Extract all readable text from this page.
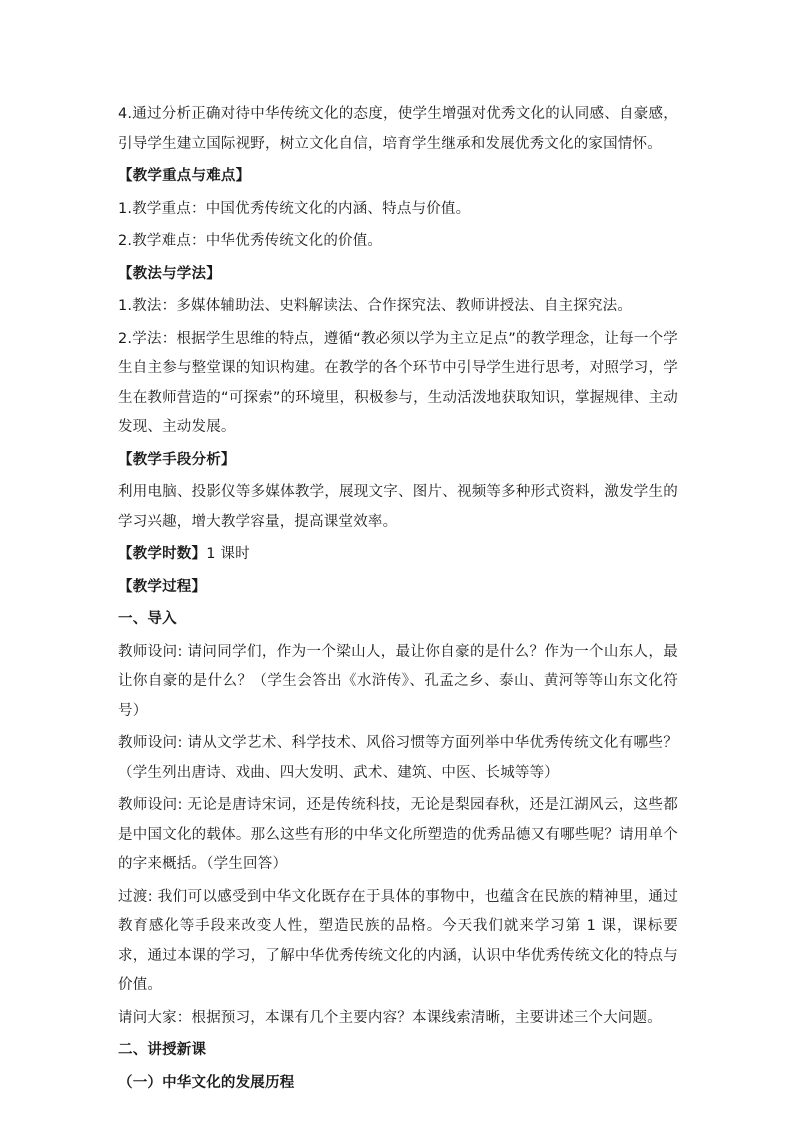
4.通过分析正确对待中华传统文化的态度，使学生增强对优秀文化的认同感、自豪感，引导学生建立国际视野，树立文化自信，培育学生继承和发展优秀文化的家国情怀。

【教学重点与难点】

1.教学重点：中国优秀传统文化的内涵、特点与价值。

2.教学难点：中华优秀传统文化的价值。

【教法与学法】

1.教法：多媒体辅助法、史料解读法、合作探究法、教师讲授法、自主探究法。

2.学法：根据学生思维的特点，遵循“教必须以学为主立足点”的教学理念，让每一个学生自主参与整堂课的知识构建。在教学的各个环节中引导学生进行思考，对照学习，学生在教师营造的“可探索”的环境里，积极参与，生动活泼地获取知识，掌握规律、主动发现、主动发展。

【教学手段分析】

利用电脑、投影仪等多媒体教学，展现文字、图片、视频等多种形式资料，激发学生的学习兴趣，增大教学容量，提高课堂效率。

【教学时数】1 课时

【教学过程】

一、导入

教师设问: 请问同学们，作为一个梁山人，最让你自豪的是什么？作为一个山东人，最让你自豪的是什么？（学生会答出《水浒传》、孔孟之乡、泰山、黄河等等山东文化符号）

教师设问: 请从文学艺术、科学技术、风俗习惯等方面列举中华优秀传统文化有哪些？（学生列出唐诗、戏曲、四大发明、武术、建筑、中医、长城等等）

教师设问: 无论是唐诗宋词，还是传统科技，无论是梨园春秋，还是江湖风云，这些都是中国文化的载体。那么这些有形的中华文化所塑造的优秀品德又有哪些呢？请用单个的字来概括。（学生回答）

过渡: 我们可以感受到中华文化既存在于具体的事物中，也蕴含在民族的精神里，通过教育感化等手段来改变人性，塑造民族的品格。今天我们就来学习第 1 课，课标要求，通过本课的学习，了解中华优秀传统文化的内涵，认识中华优秀传统文化的特点与价值。

请问大家：根据预习，本课有几个主要内容？本课线索清晰，主要讲述三个大问题。

二、讲授新课

（一）中华文化的发展历程
